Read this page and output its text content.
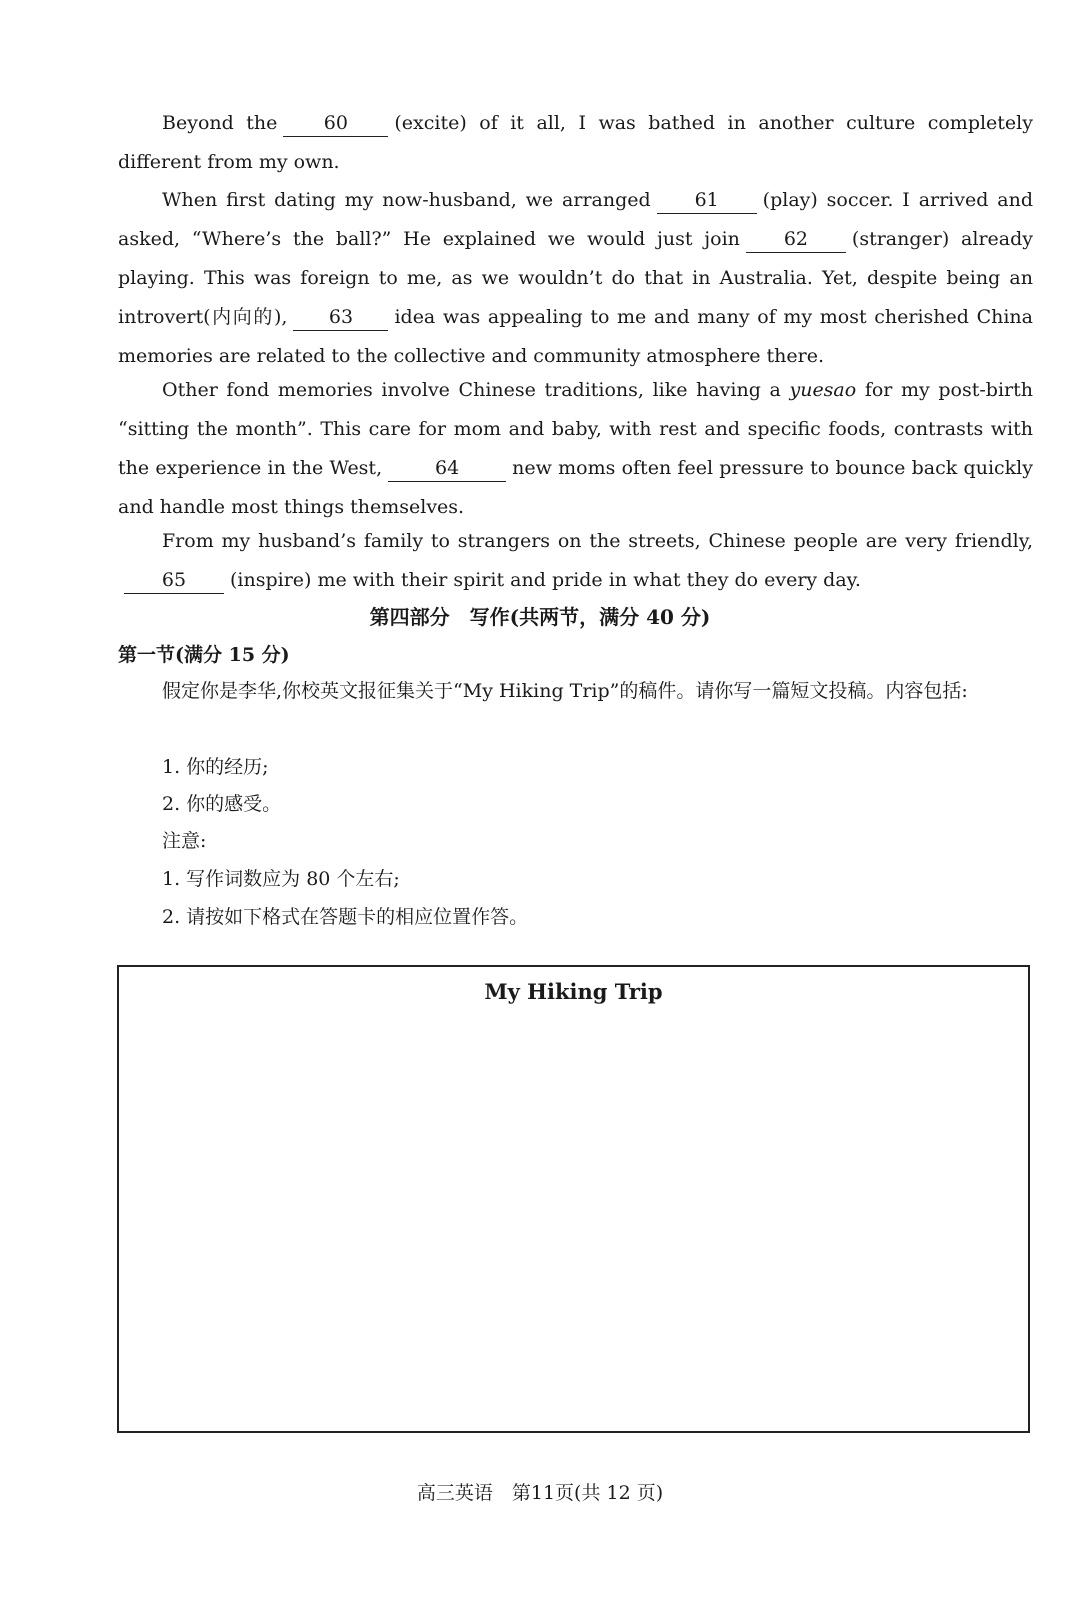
Beyond the 60 (excite) of it all, I was bathed in another culture completely different from my own.

When first dating my now-husband, we arranged 61 (play) soccer. I arrived and asked, “Where’s the ball?” He explained we would just join 62 (stranger) already playing. This was foreign to me, as we wouldn’t do that in Australia. Yet, despite being an introvert(内向的), 63 idea was appealing to me and many of my most cherished China memories are related to the collective and community atmosphere there.

Other fond memories involve Chinese traditions, like having a yuesao for my post-birth “sitting the month”. This care for mom and baby, with rest and specific foods, contrasts with the experience in the West,	64	new moms often feel pressure to bounce back quickly and handle most things themselves.

From my husband’s family to strangers on the streets, Chinese people are very friendly,65 (inspire) me with their spirit and pride in what they do every day.

第四部分　写作(共两节，满分 40 分)
第一节(满分 15 分)

假定你是李华,你校英文报征集关于“My Hiking Trip”的稿件。请你写一篇短文投稿。内容包括:

1. 你的经历;

2. 你的感受。

注意:

1. 写作词数应为 80 个左右;

2. 请按如下格式在答题卡的相应位置作答。

My Hiking Trip
高三英语　第11页(共 12 页)
